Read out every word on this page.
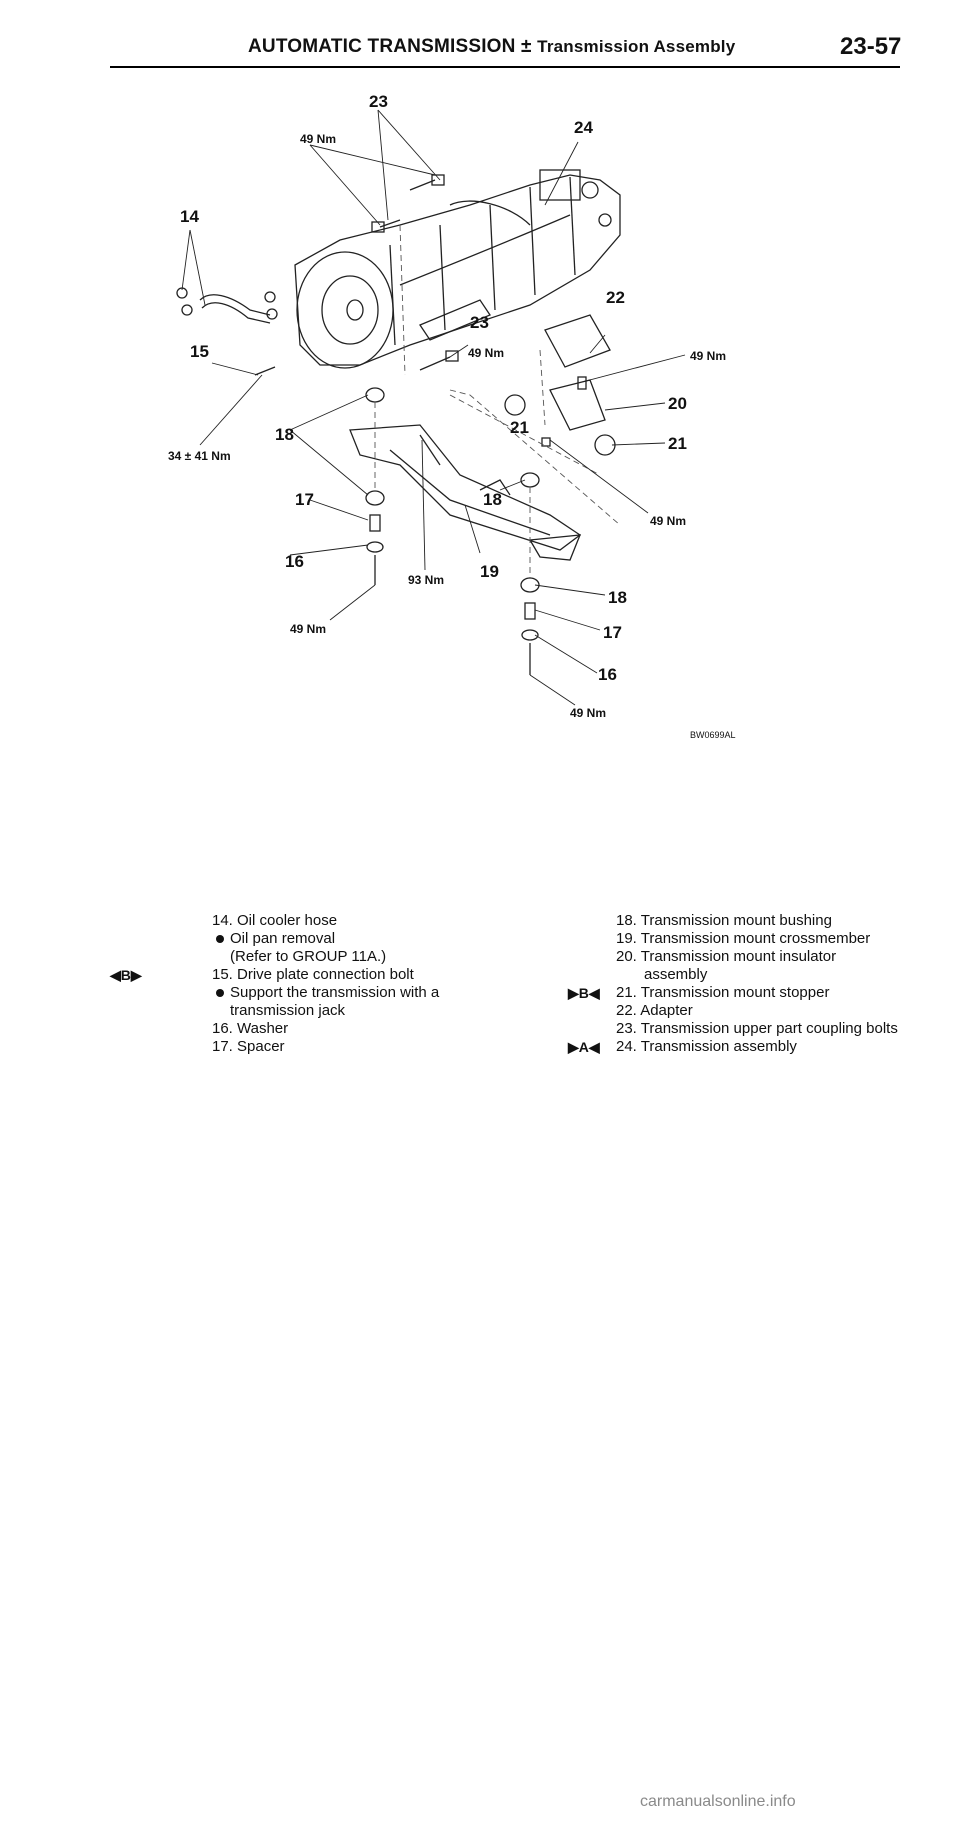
AUTOMATIC TRANSMISSION ± Transmission Assembly	23-57
23
24
14
22
23
15
20
21
21
18
17	18
16
19
18
17
16
49 Nm
49 Nm	49 Nm
34 ± 41 Nm
49 Nm
93 Nm
49 Nm
49 Nm
BW0699AL
14. Oil cooler hose
Oil pan removal
(Refer to GROUP 11A.)
◀B▶	15. Drive plate connection bolt
Support the transmission with a
transmission jack
16. Washer
17. Spacer
18. Transmission mount bushing
19. Transmission mount crossmember
20. Transmission mount insulator
assembly
▶B◀ 21. Transmission mount stopper
22. Adapter
23. Transmission upper part coupling bolts
▶A◀ 24. Transmission assembly
carmanualsonline.info
